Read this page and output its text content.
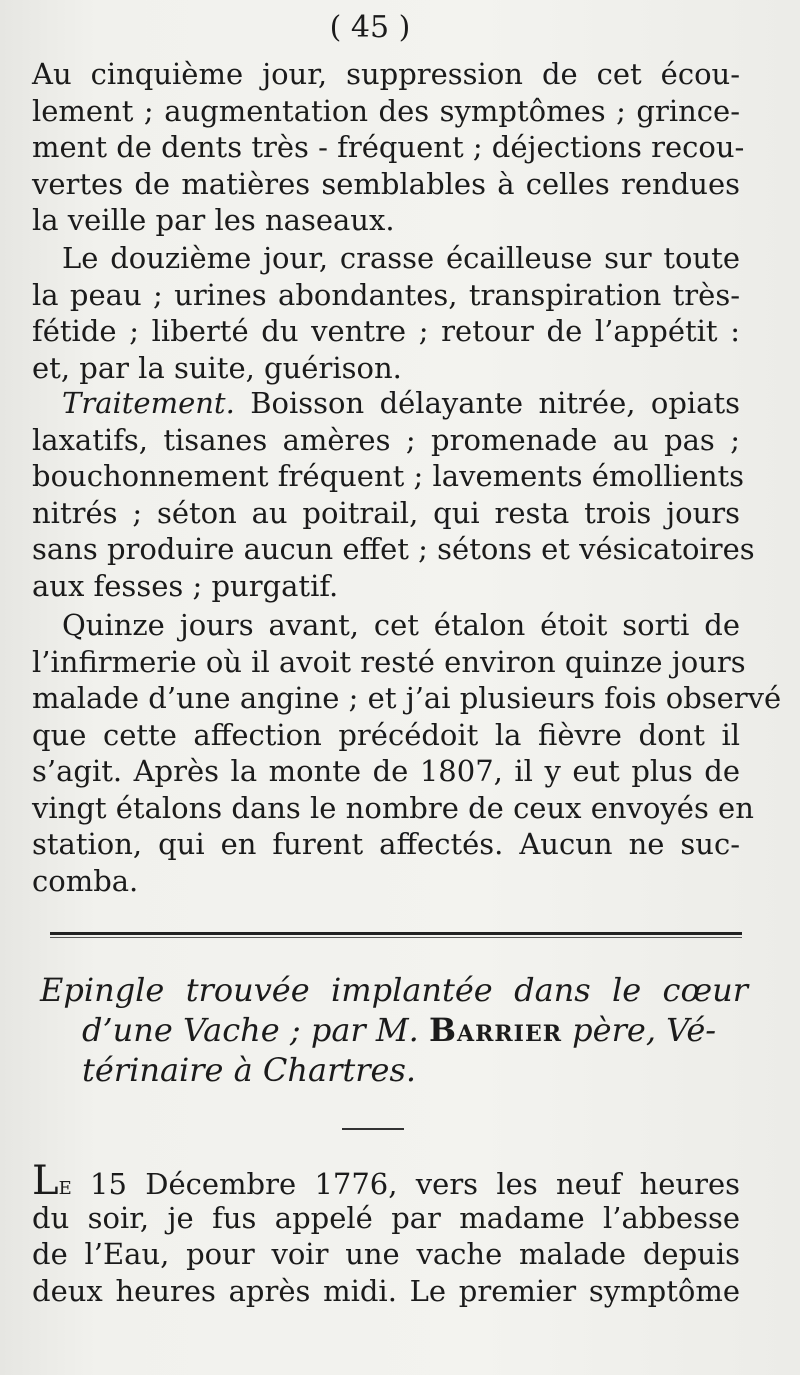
( 45 )
Au cinquième jour, suppression de cet écou-
lement ; augmentation des symptômes ; grince-
ment de dents très - fréquent ; déjections recou-
vertes de matières semblables à celles rendues
la veille par les naseaux.
Le douzième jour, crasse écailleuse sur toute
la peau ; urines abondantes, transpiration très-
fétide ; liberté du ventre ; retour de l’appétit :
et, par la suite, guérison.
Traitement. Boisson délayante nitrée, opiats
laxatifs, tisanes amères ; promenade au pas ;
bouchonnement fréquent ; lavements émollients
nitrés ; séton au poitrail, qui resta trois jours
sans produire aucun effet ; sétons et vésicatoires
aux fesses ; purgatif.
Quinze jours avant, cet étalon étoit sorti de
l’infirmerie où il avoit resté environ quinze jours
malade d’une angine ; et j’ai plusieurs fois observé
que cette affection précédoit la fièvre dont il
s’agit. Après la monte de 1807, il y eut plus de
vingt étalons dans le nombre de ceux envoyés en
station, qui en furent affectés. Aucun ne suc-
comba.
Epingle trouvée implantée dans le cœur
d’une Vache ; par M. Barrier père, Vé-
térinaire à Chartres.
Le 15 Décembre 1776, vers les neuf heures
du soir, je fus appelé par madame l’abbesse
de l’Eau, pour voir une vache malade depuis
deux heures après midi. Le premier symptôme
